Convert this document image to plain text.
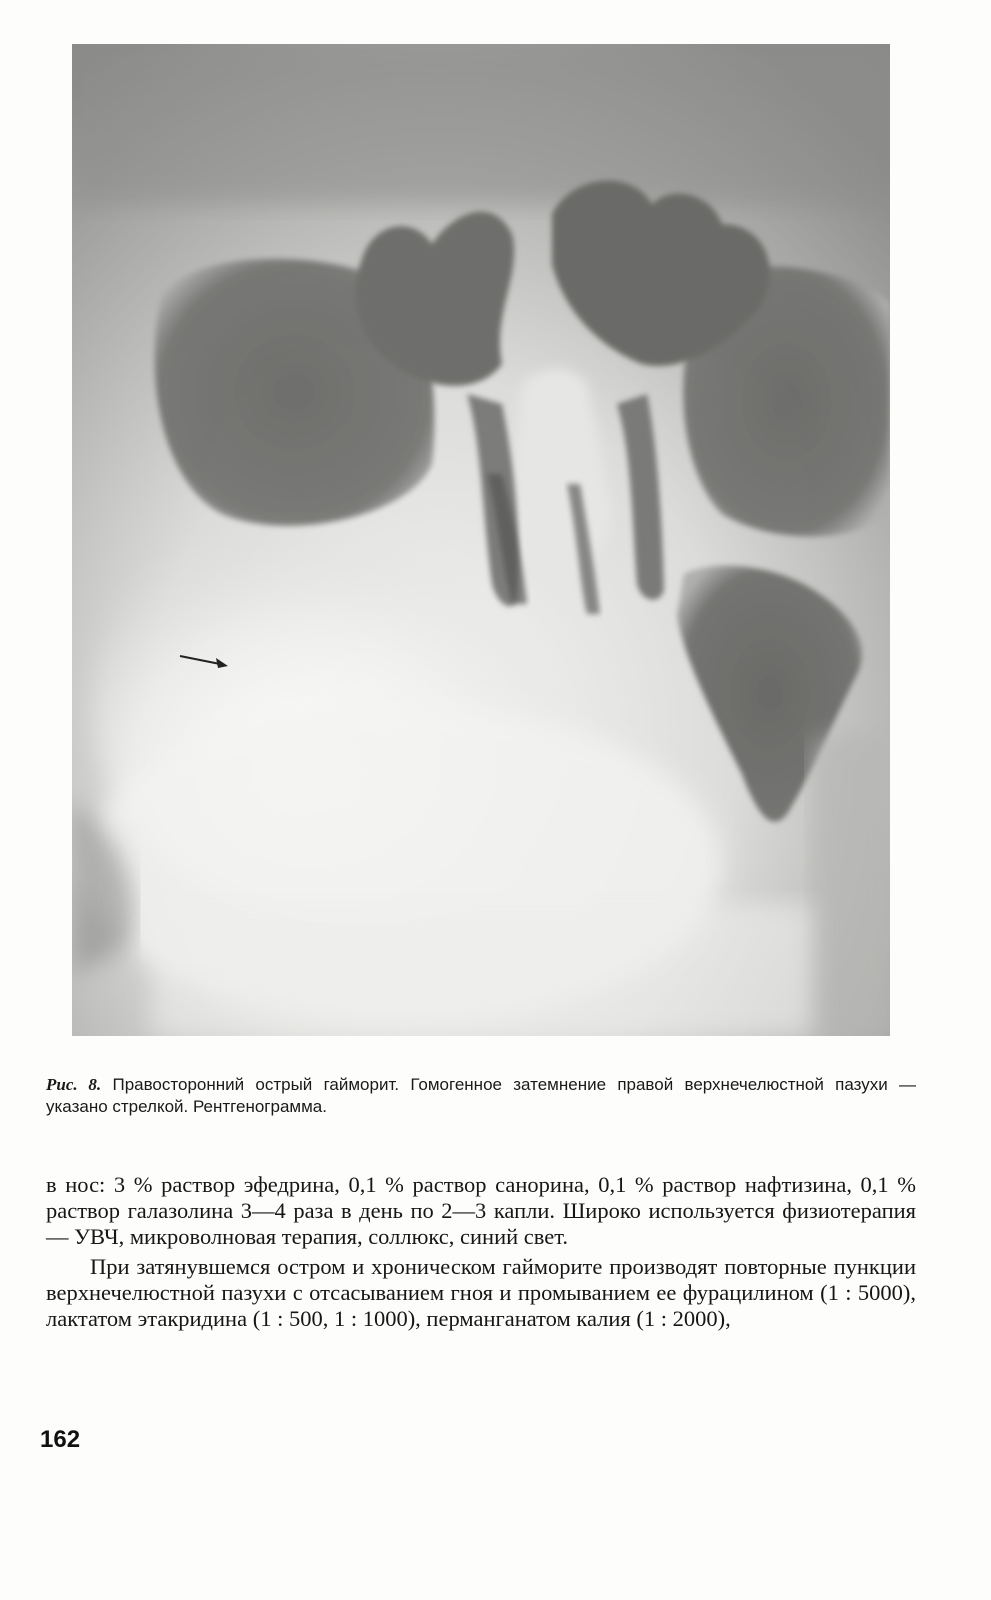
Рис. 8. Правосторонний острый гайморит. Гомогенное затемнение правой верхнечелюстной пазухи — указано стрелкой. Рентгенограмма.

в нос: 3 % раствор эфедрина, 0,1 % раствор санорина, 0,1 % раствор нафтизина, 0,1 % раствор галазолина 3—4 раза в день по 2—3 капли. Широко используется физиотерапия — УВЧ, микроволновая терапия, соллюкс, синий свет.

При затянувшемся остром и хроническом гайморите производят повторные пункции верхнечелюстной пазухи с отсасыванием гноя и промыванием ее фурацилином (1 : 5000), лактатом этакридина (1 : 500, 1 : 1000), перманганатом калия (1 : 2000),

162
